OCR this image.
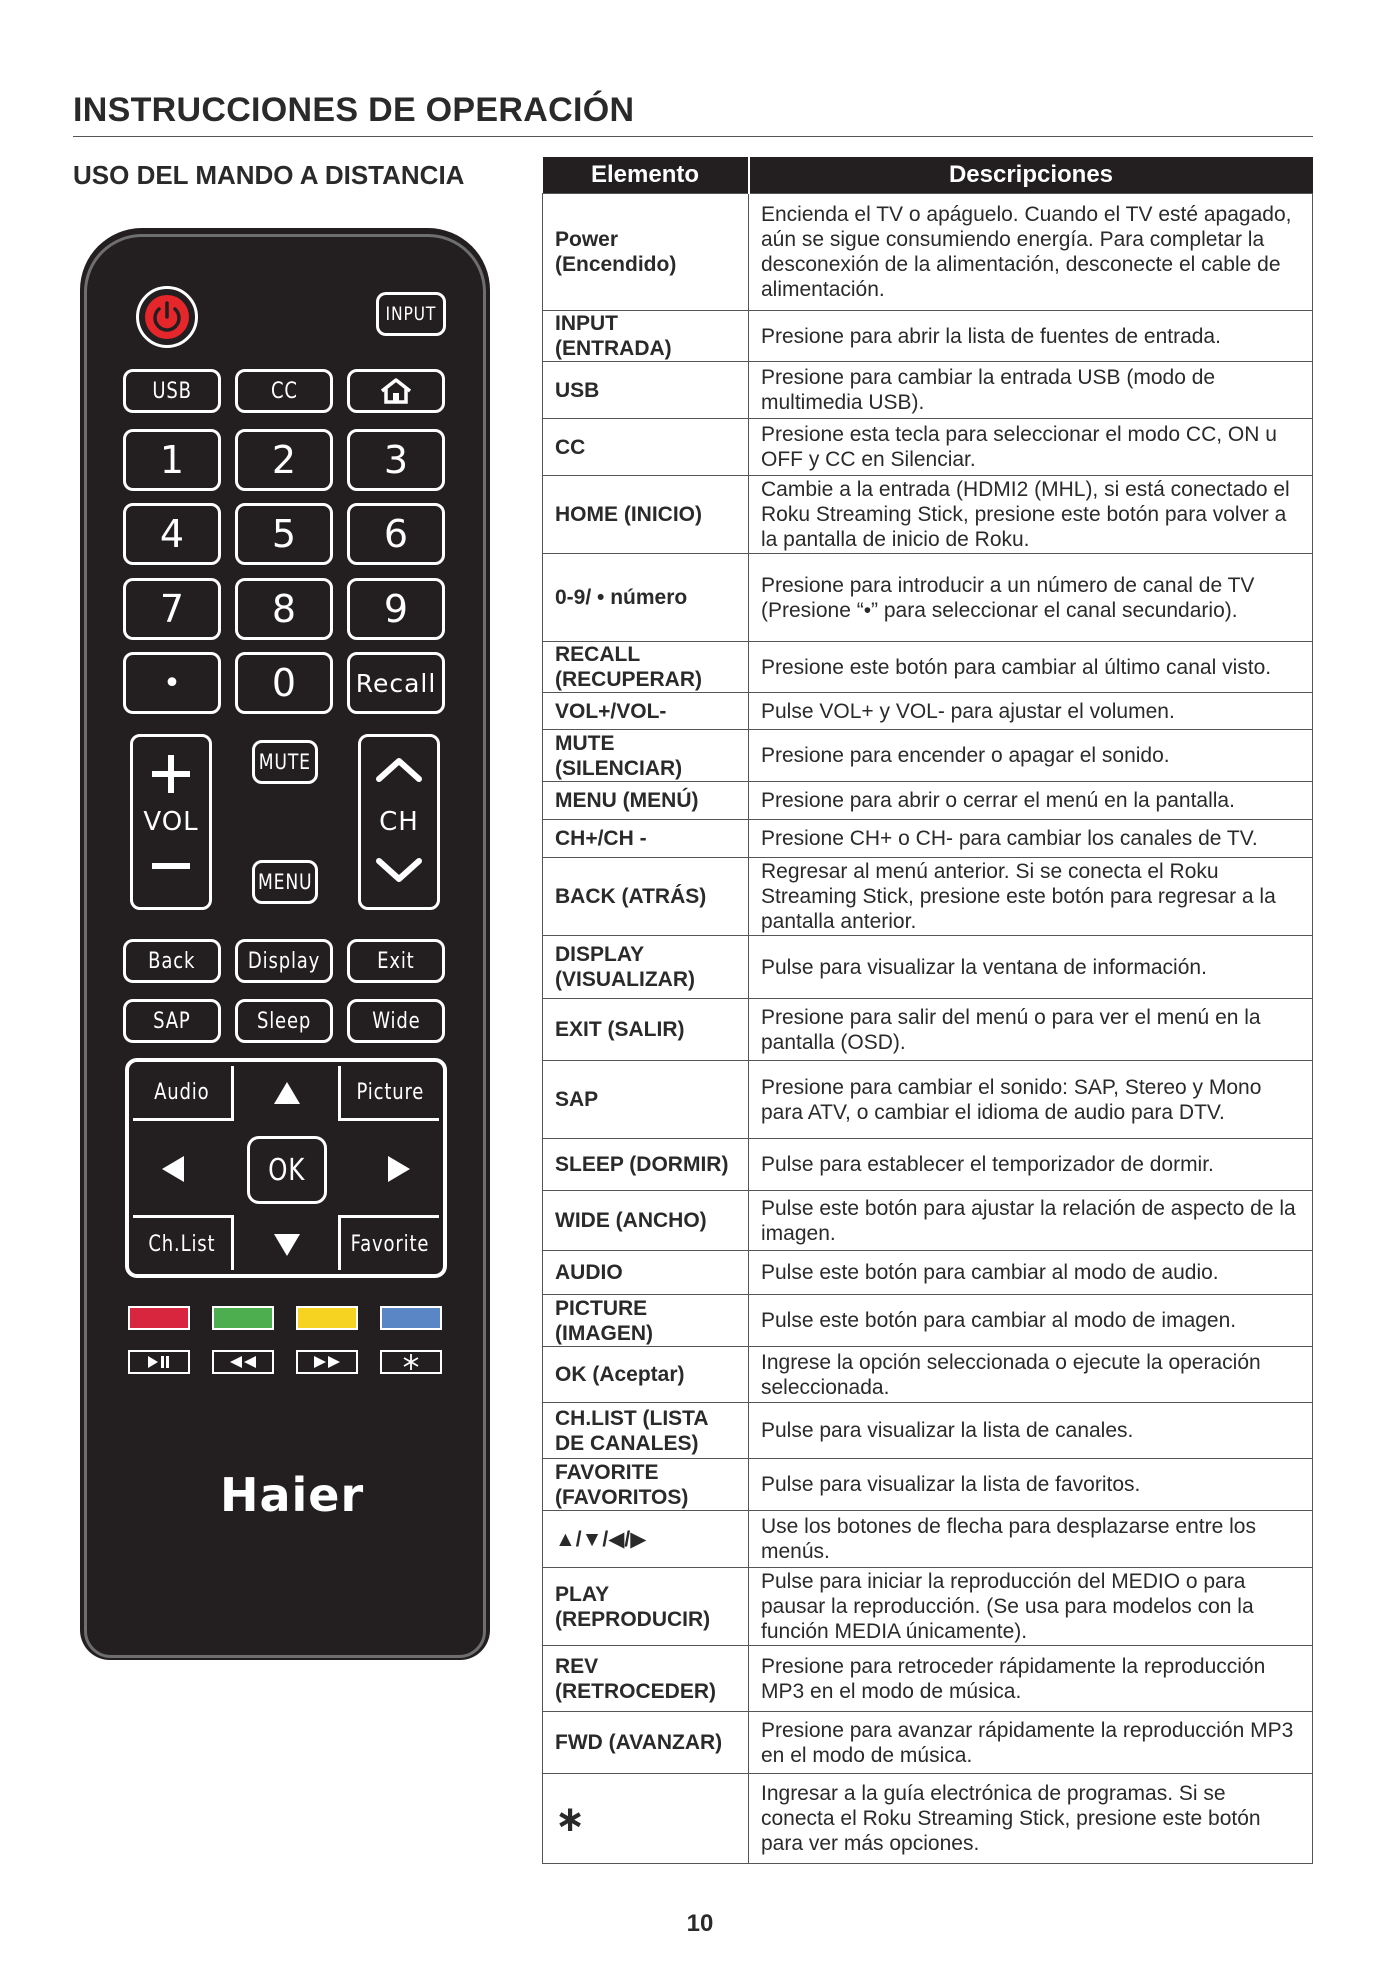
INSTRUCCIONES DE OPERACIÓN
USO DEL MANDO A DISTANCIA
INPUT
USB	CC
1	2	3
4	5	6
7	8	9
•	0	Recall
VOL
MUTE
MENU
CH
Back Display	Exit
SAP	Sleep	Wide
Audio	Picture
Ch.List	Favorite
OK
Haier
Elemento	Descripciones
Power (Encendido)	Encienda el TV o apáguelo. Cuando el TV esté apagado, aún se sigue consumiendo energía. Para completar la desconexión de la alimentación, desconecte el cable de alimentación.
INPUT (ENTRADA)	Presione para abrir la lista de fuentes de entrada.
USB	Presione para cambiar la entrada USB (modo de multimedia USB).
CC	Presione esta tecla para seleccionar el modo CC, ON u OFF y CC en Silenciar.
HOME (INICIO)	Cambie a la entrada (HDMI2 (MHL), si está conectado el Roku Streaming Stick, presione este botón para volver a la pantalla de inicio de Roku.
0-9/ • número	Presione para introducir a un número de canal de TV (Presione “•” para seleccionar el canal secundario).
RECALL (RECUPERAR)	Presione este botón para cambiar al último canal visto.
VOL+/VOL-	Pulse VOL+ y VOL- para ajustar el volumen.
MUTE (SILENCIAR)	Presione para encender o apagar el sonido.
MENU (MENÚ)	Presione para abrir o cerrar el menú en la pantalla.
CH+/CH -	Presione CH+ o CH- para cambiar los canales de TV.
BACK (ATRÁS)	Regresar al menú anterior. Si se conecta el Roku Streaming Stick, presione este botón para regresar a la pantalla anterior.
DISPLAY (VISUALIZAR)	Pulse para visualizar la ventana de información.
EXIT (SALIR)	Presione para salir del menú o para ver el menú en la pantalla (OSD).
SAP	Presione para cambiar el sonido: SAP, Stereo y Mono para ATV, o cambiar el idioma de audio para DTV.
SLEEP (DORMIR)	Pulse para establecer el temporizador de dormir.
WIDE (ANCHO)	Pulse este botón para ajustar la relación de aspecto de la imagen.
AUDIO	Pulse este botón para cambiar al modo de audio.
PICTURE (IMAGEN)	Pulse este botón para cambiar al modo de imagen.
OK (Aceptar)	Ingrese la opción seleccionada o ejecute la operación seleccionada.
CH.LIST (LISTA DE CANALES)	Pulse para visualizar la lista de canales.
FAVORITE (FAVORITOS)	Pulse para visualizar la lista de favoritos.
▲/▼/◀/▶	Use los botones de flecha para desplazarse entre los menús.
PLAY (REPRODUCIR)	Pulse para iniciar la reproducción del MEDIO o para pausar la reproducción. (Se usa para modelos con la función MEDIA únicamente).
REV (RETROCEDER)	Presione para retroceder rápidamente la reproducción MP3 en el modo de música.
FWD (AVANZAR)	Presione para avanzar rápidamente la reproducción MP3 en el modo de música.
∗	Ingresar a la guía electrónica de programas. Si se conecta el Roku Streaming Stick, presione este botón para ver más opciones.
10
